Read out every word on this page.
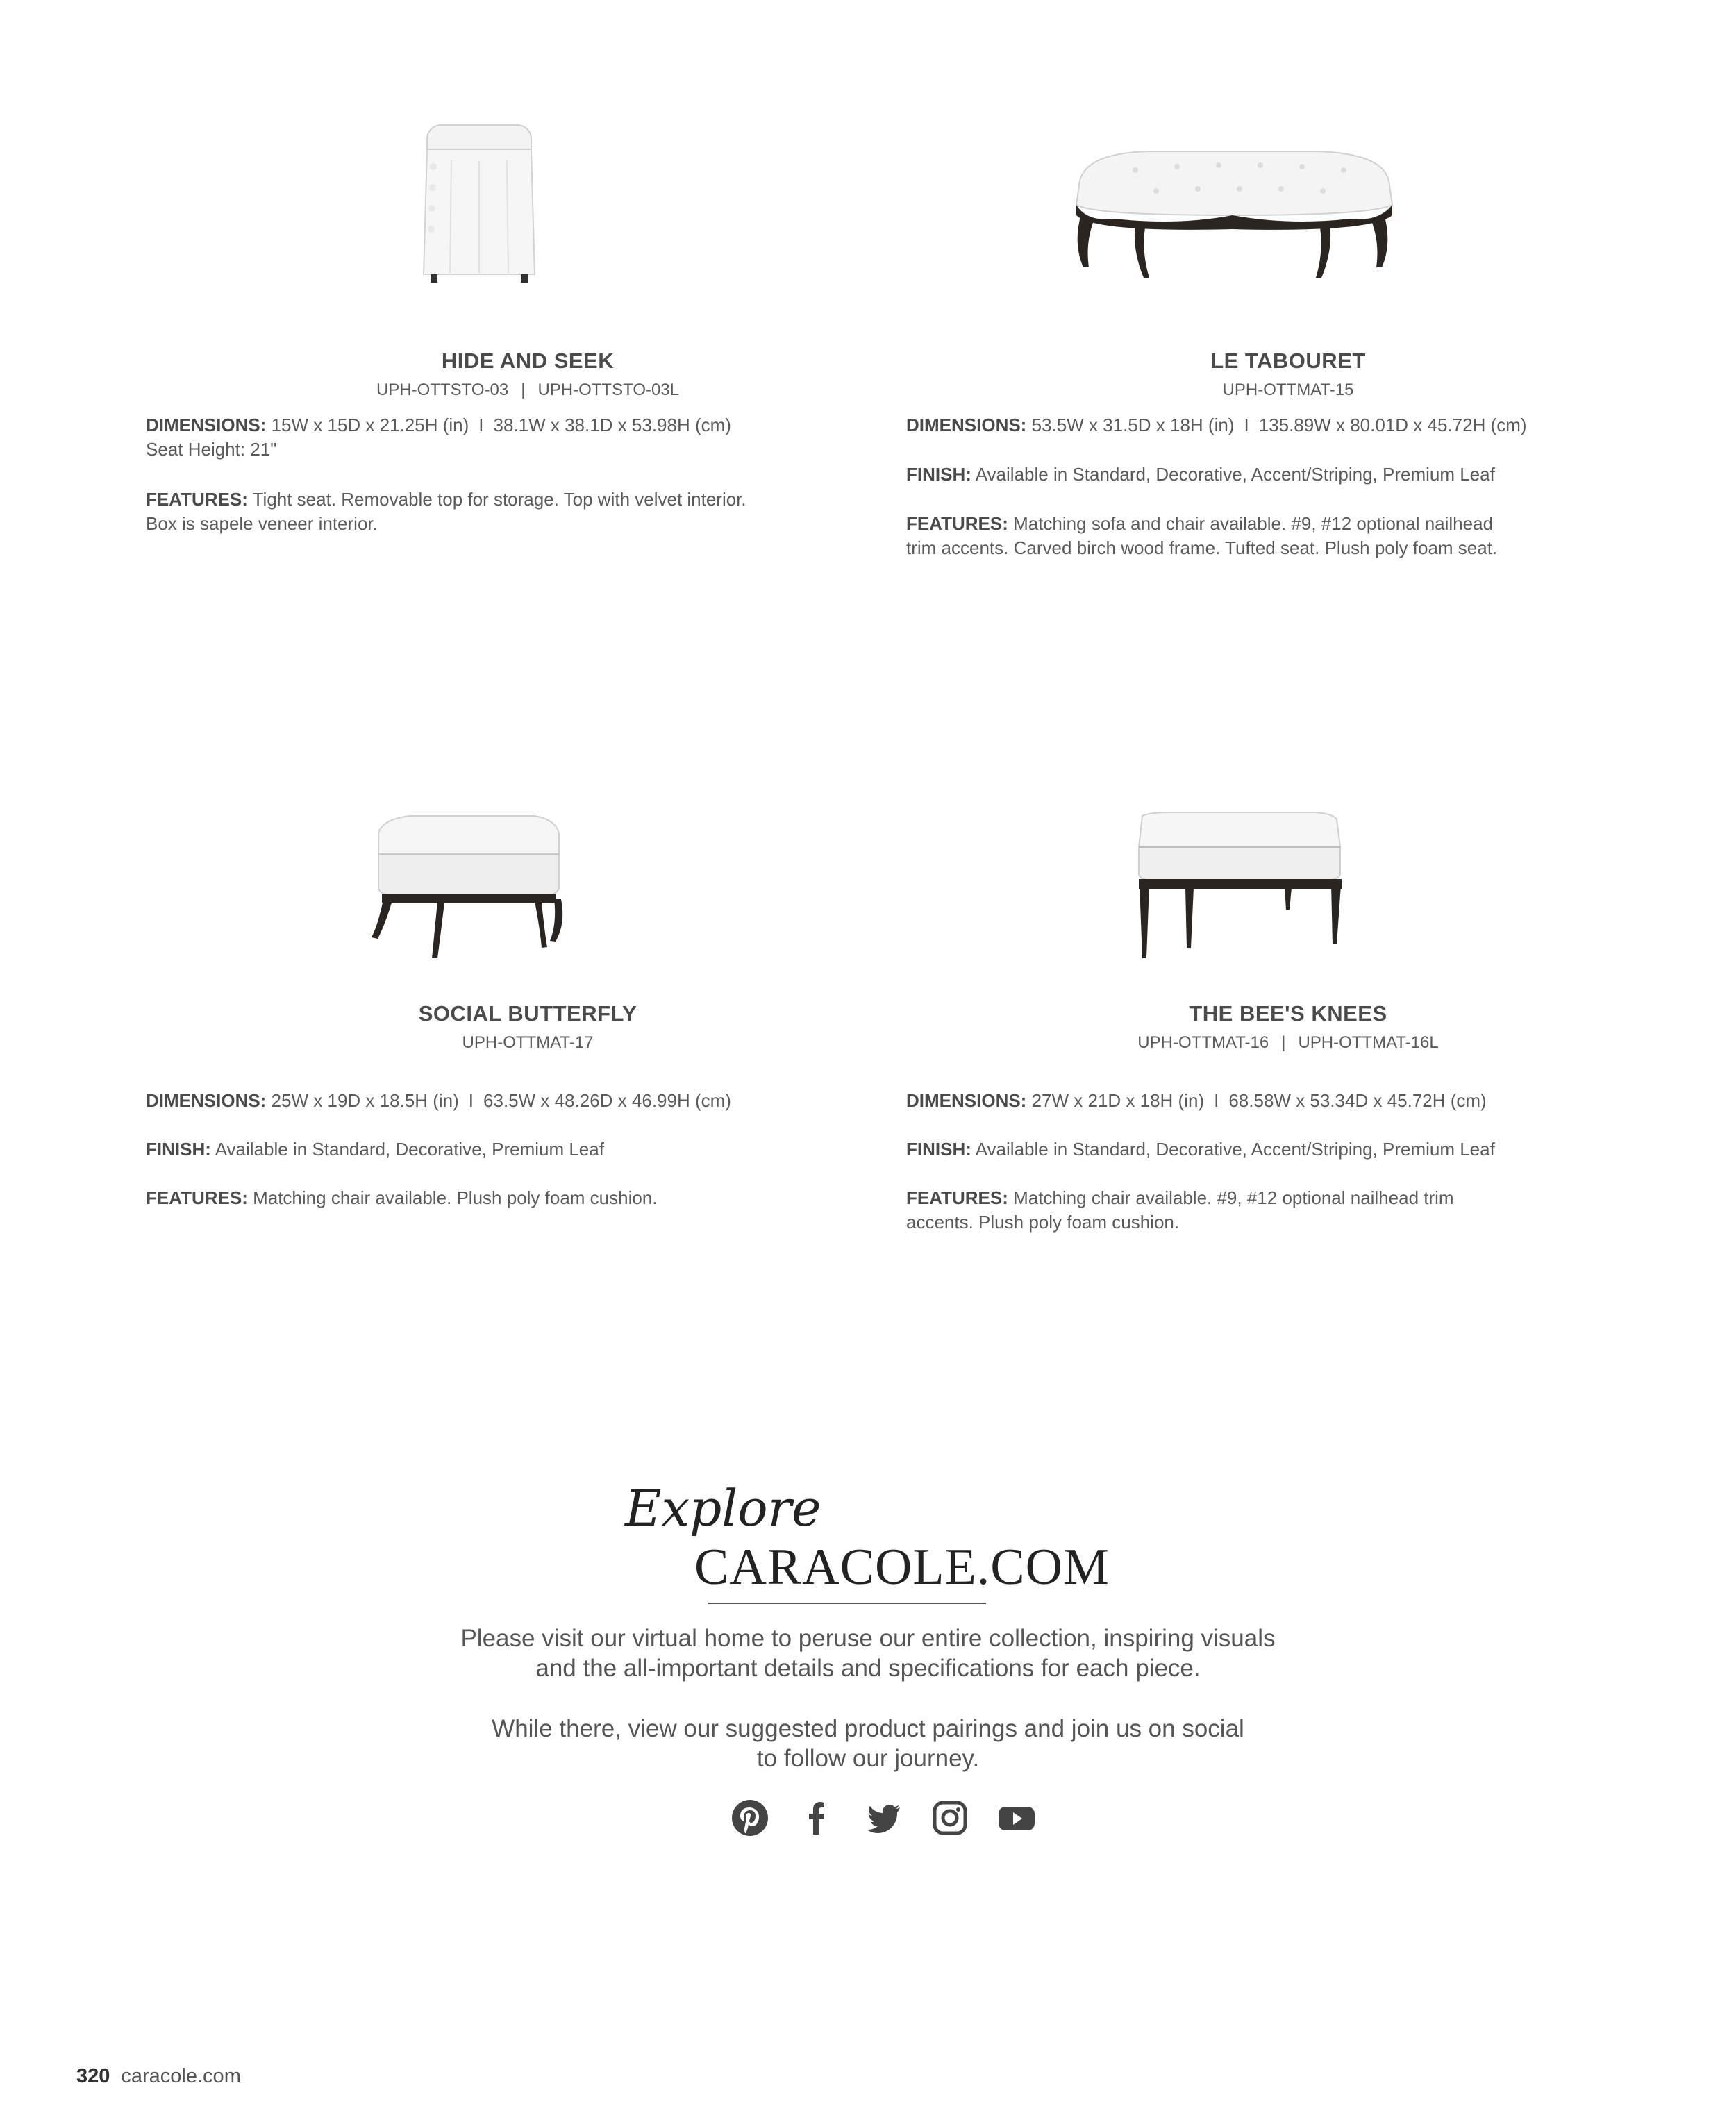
HIDE AND SEEK
UPH-OTTSTO-03 | UPH-OTTSTO-03L
DIMENSIONS: 15W x 15D x 21.25H (in) I 38.1W x 38.1D x 53.98H (cm)
Seat Height: 21"
FEATURES: Tight seat. Removable top for storage. Top with velvet interior.
Box is sapele veneer interior.
LE TABOURET
UPH-OTTMAT-15
DIMENSIONS: 53.5W x 31.5D x 18H (in) I 135.89W x 80.01D x 45.72H (cm)
FINISH: Available in Standard, Decorative, Accent/Striping, Premium Leaf
FEATURES: Matching sofa and chair available. #9, #12 optional nailhead
trim accents. Carved birch wood frame. Tufted seat. Plush poly foam seat.
SOCIAL BUTTERFLY
UPH-OTTMAT-17
DIMENSIONS: 25W x 19D x 18.5H (in) I 63.5W x 48.26D x 46.99H (cm)
FINISH: Available in Standard, Decorative, Premium Leaf
FEATURES: Matching chair available. Plush poly foam cushion.
THE BEE'S KNEES
UPH-OTTMAT-16 | UPH-OTTMAT-16L
DIMENSIONS: 27W x 21D x 18H (in) I 68.58W x 53.34D x 45.72H (cm)
FINISH: Available in Standard, Decorative, Accent/Striping, Premium Leaf
FEATURES: Matching chair available. #9, #12 optional nailhead trim
accents. Plush poly foam cushion.
Explore
CARACOLE.COM
Please visit our virtual home to peruse our entire collection, inspiring visuals
and the all-important details and specifications for each piece.
While there, view our suggested product pairings and join us on social
to follow our journey.
320 caracole.com
